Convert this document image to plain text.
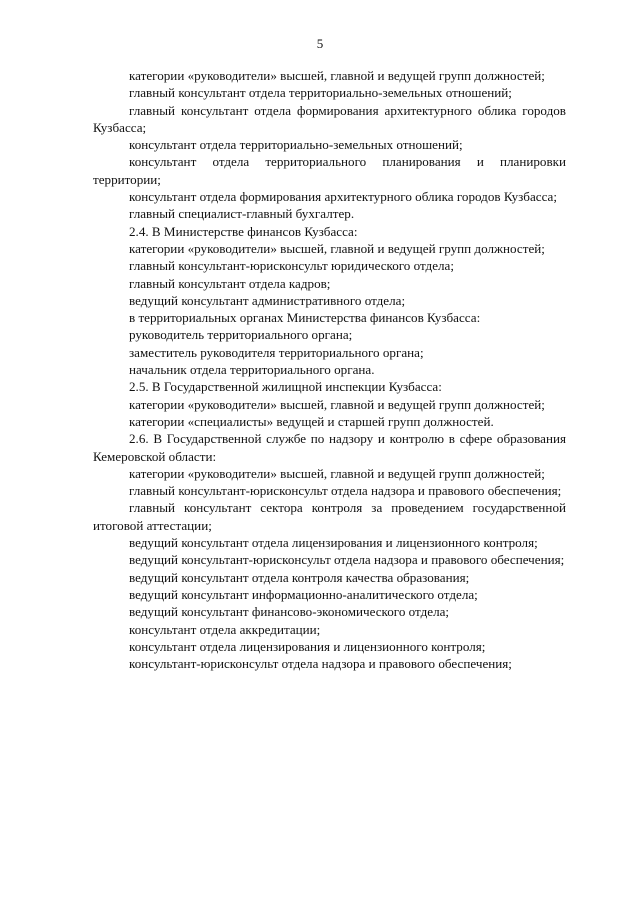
5

категории «руководители» высшей, главной и ведущей групп должностей;

главный консультант отдела территориально-земельных отношений;

главный консультант отдела формирования архитектурного облика городов Кузбасса;

консультант отдела территориально-земельных отношений;

консультант отдела территориального планирования и планировки территории;

консультант отдела формирования архитектурного облика городов Кузбасса;

главный специалист-главный бухгалтер.

2.4. В Министерстве финансов Кузбасса:

категории «руководители» высшей, главной и ведущей групп должностей;

главный консультант-юрисконсульт юридического отдела;

главный консультант отдела кадров;

ведущий консультант административного отдела;

в территориальных органах Министерства финансов Кузбасса:

руководитель территориального органа;

заместитель руководителя территориального органа;

начальник отдела территориального органа.

2.5. В Государственной жилищной инспекции Кузбасса:

категории «руководители» высшей, главной и ведущей групп должностей;

категории «специалисты» ведущей и старшей групп должностей.

2.6. В Государственной службе по надзору и контролю в сфере образования Кемеровской области:

категории «руководители» высшей, главной и ведущей групп должностей;

главный консультант-юрисконсульт отдела надзора и правового обеспечения;

главный консультант сектора контроля за проведением государственной итоговой аттестации;

ведущий консультант отдела лицензирования и лицензионного контроля;

ведущий консультант-юрисконсульт отдела надзора и правового обеспечения;

ведущий консультант отдела контроля качества образования;

ведущий консультант информационно-аналитического отдела;

ведущий консультант финансово-экономического отдела;

консультант отдела аккредитации;

консультант отдела лицензирования и лицензионного контроля;

консультант-юрисконсульт отдела надзора и правового обеспечения;
